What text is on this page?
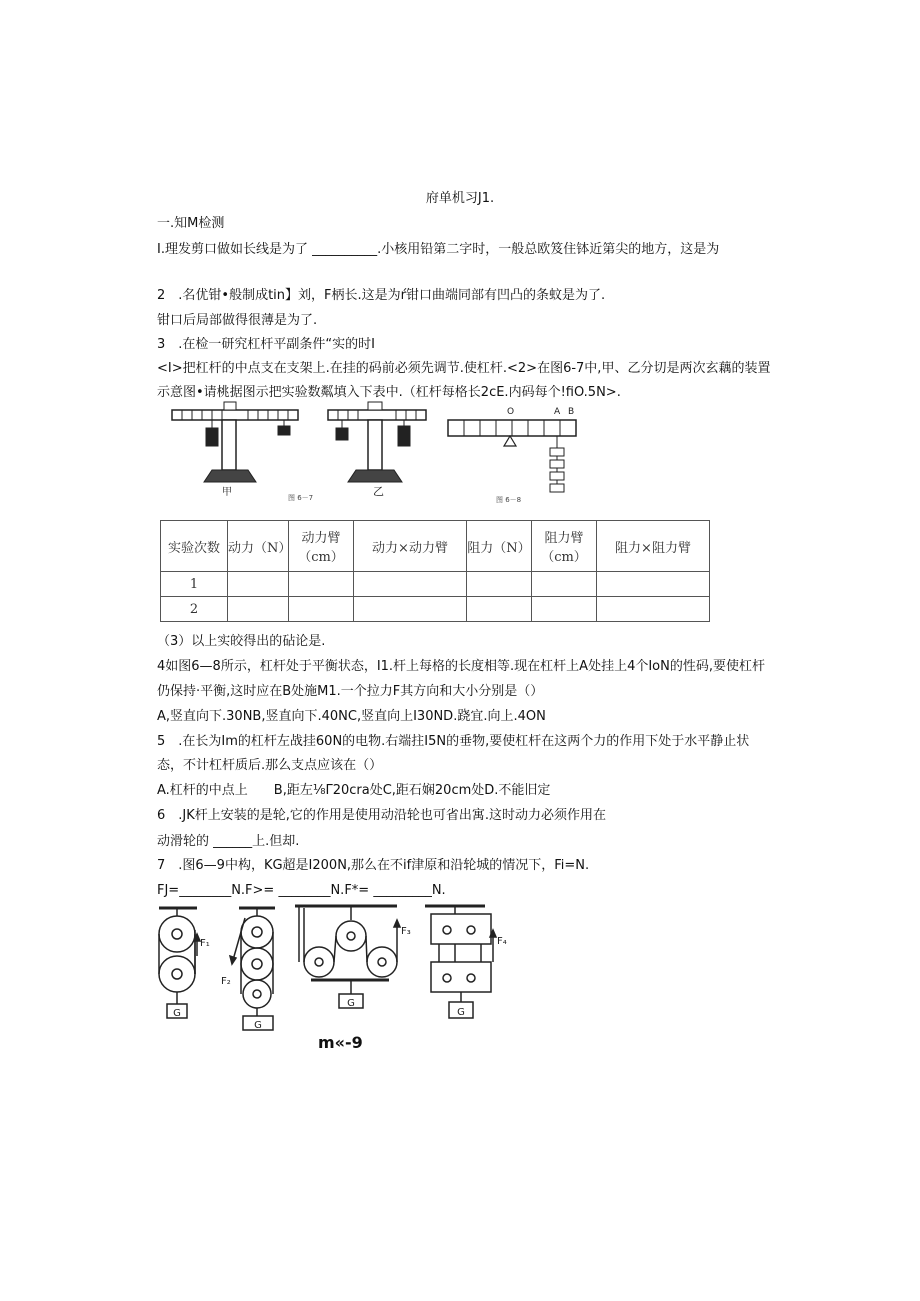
府单机习J1.
一.知M检测
I.理发剪口做如长线是为了 __________.小核用铅第二字时，一般总欧笈住钵近第尖的地方，这是为
2　.名优钳•般制成tin】刘，F柄长.这是为ŕ钳口曲端同部有凹凸的条蚊是为了.
钳口后局部做得很薄是为了.
3　.在检一研究杠杆平副条件“实的时I
<I>把杠杆的中点支在支架上.在挂的码前必须先调节.使杠杆.<2>在图6-7中,甲、乙分切是两次玄藕的装置
示意图•请桃据图示把实验数粼填入下表中.（杠杆每格长2cE.内码每个!fiO.5N>.
甲	乙
图 6－7
O	A B
图 6－8
实验次数	动力（N）	动力臂（cm）	动力×动力臂	阻力（N）	阻力臂（cm）	阻力×阻力臂
1						
2						
（3）以上实皎得出的砧论是.
4如图6—8所示，杠杆处于平衡状态，I1.杆上每格的长度相等.现在杠杆上A处挂上4个IoN的性码,要使杠杆
仍保持·平衡,这时应在B处施M1.一个拉力F其方向和大小分别是（）
A,竖直向下.30NB,竖直向下.40NC,竖直向上I30ND.跷宜.向上.4ON
5　.在长为Im的杠杆左战挂60N的电物.右端拄I5N的垂物,要使杠杆在这两个力的作用下处于水平静止状
态，不计杠杆质后.那么支点应该在（）
A.杠杆的中点上　　B,距左⅛Γ20cra处C,距石娴20cm处D.不能旧定
6　.JK杆上安装的是轮,它的作用是使用动沿轮也可省出寓.这时动力必须作用在
动滑轮的 ______上.但却.
7　.图6—9中构，KG超是I200N,那么在不if津原和沿轮城的情况下，Fi=N.
FJ=________N.F>= ________N.F*= _________N.
G
F₁
G
F₂
G
F₃
G
F₄
m«-9
